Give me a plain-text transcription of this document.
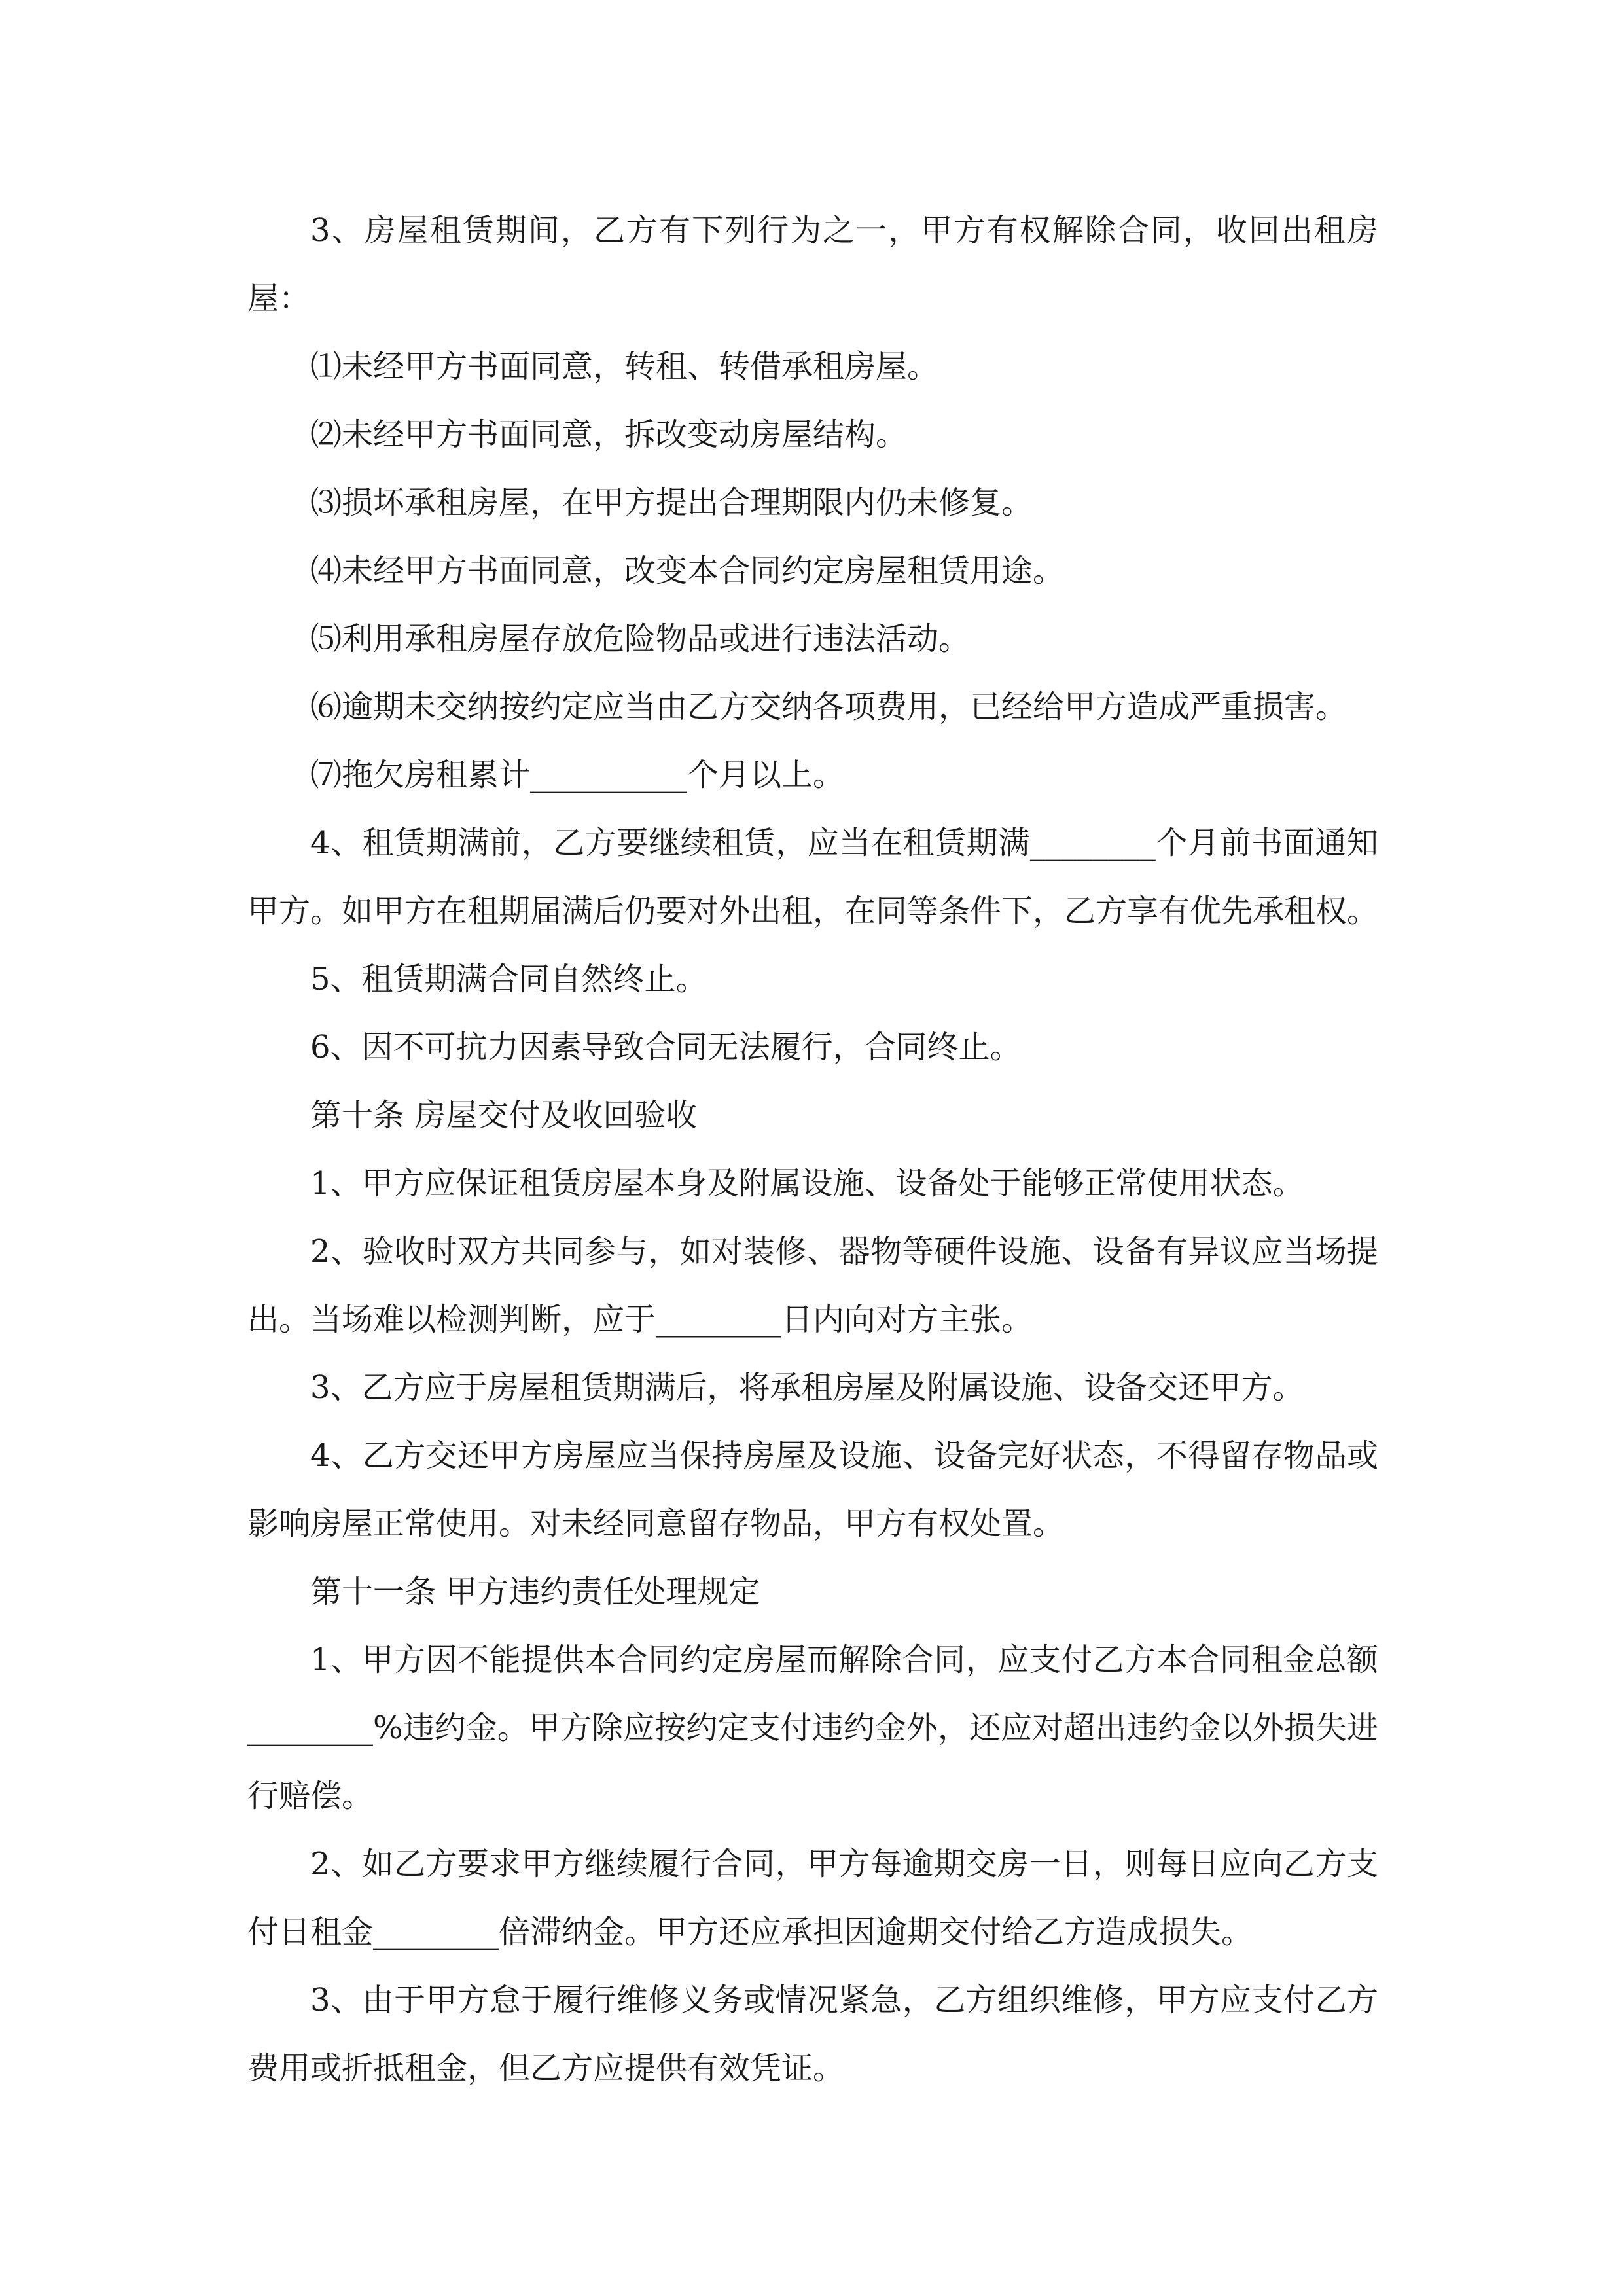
3、房屋租赁期间，乙方有下列行为之一，甲方有权解除合同，收回出租房屋：

⑴未经甲方书面同意，转租、转借承租房屋。

⑵未经甲方书面同意，拆改变动房屋结构。

⑶损坏承租房屋，在甲方提出合理期限内仍未修复。

⑷未经甲方书面同意，改变本合同约定房屋租赁用途。

⑸利用承租房屋存放危险物品或进行违法活动。

⑹逾期未交纳按约定应当由乙方交纳各项费用，已经给甲方造成严重损害。

⑺拖欠房租累计__________个月以上。

4、租赁期满前，乙方要继续租赁，应当在租赁期满________个月前书面通知甲方。如甲方在租期届满后仍要对外出租，在同等条件下，乙方享有优先承租权。

5、租赁期满合同自然终止。

6、因不可抗力因素导致合同无法履行，合同终止。

第十条 房屋交付及收回验收

1、甲方应保证租赁房屋本身及附属设施、设备处于能够正常使用状态。

2、验收时双方共同参与，如对装修、器物等硬件设施、设备有异议应当场提出。当场难以检测判断，应于________日内向对方主张。

3、乙方应于房屋租赁期满后，将承租房屋及附属设施、设备交还甲方。

4、乙方交还甲方房屋应当保持房屋及设施、设备完好状态，不得留存物品或影响房屋正常使用。对未经同意留存物品，甲方有权处置。

第十一条 甲方违约责任处理规定

1、甲方因不能提供本合同约定房屋而解除合同，应支付乙方本合同租金总额________%违约金。甲方除应按约定支付违约金外，还应对超出违约金以外损失进行赔偿。

2、如乙方要求甲方继续履行合同，甲方每逾期交房一日，则每日应向乙方支付日租金________倍滞纳金。甲方还应承担因逾期交付给乙方造成损失。

3、由于甲方怠于履行维修义务或情况紧急，乙方组织维修，甲方应支付乙方费用或折抵租金，但乙方应提供有效凭证。
